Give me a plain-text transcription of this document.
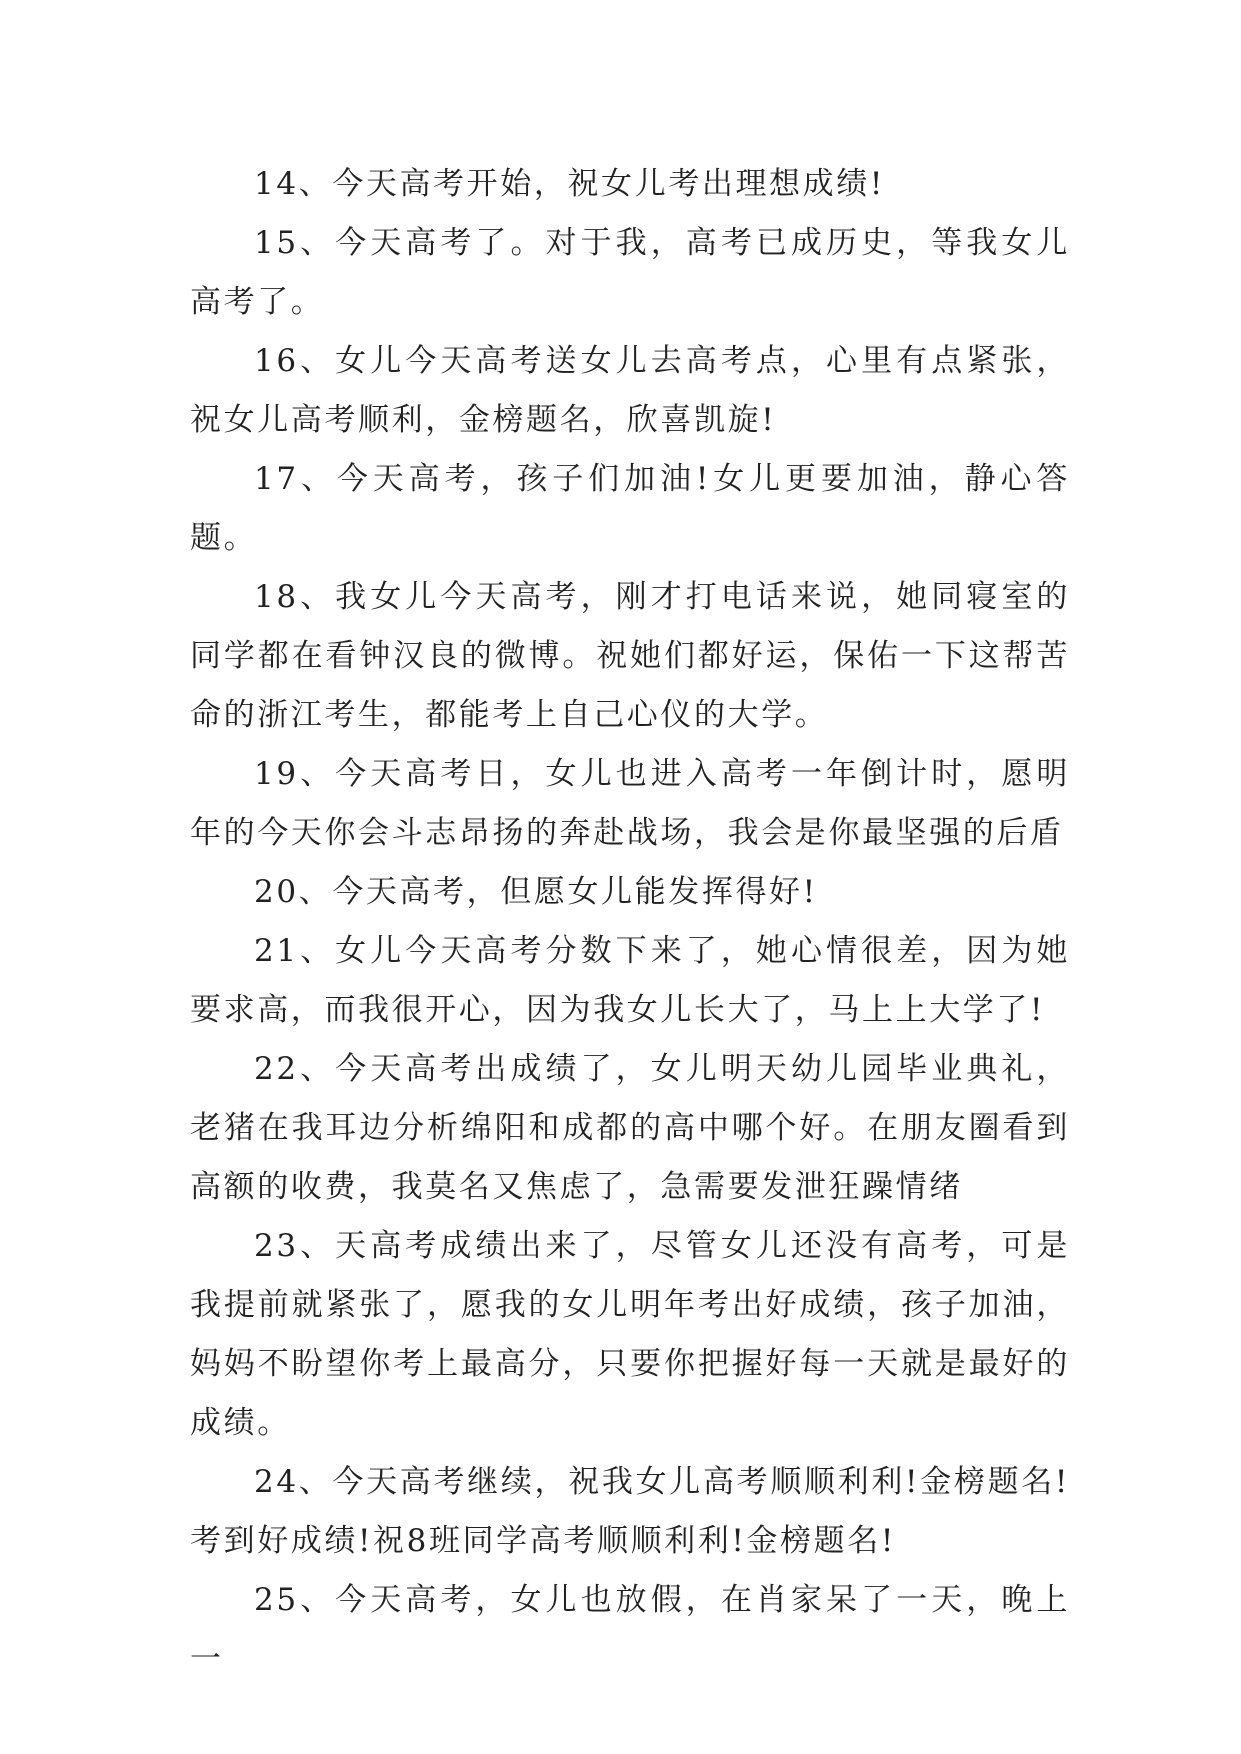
14、今天高考开始，祝女儿考出理想成绩!

15、今天高考了。对于我，高考已成历史，等我女儿高考了。

16、女儿今天高考送女儿去高考点，心里有点紧张，祝女儿高考顺利，金榜题名，欣喜凯旋!

17、今天高考，孩子们加油!女儿更要加油，静心答题。

18、我女儿今天高考，刚才打电话来说，她同寝室的同学都在看钟汉良的微博。祝她们都好运，保佑一下这帮苦命的浙江考生，都能考上自己心仪的大学。

19、今天高考日，女儿也进入高考一年倒计时，愿明年的今天你会斗志昂扬的奔赴战场，我会是你最坚强的后盾

20、今天高考，但愿女儿能发挥得好!

21、女儿今天高考分数下来了，她心情很差，因为她要求高，而我很开心，因为我女儿长大了，马上上大学了!

22、今天高考出成绩了，女儿明天幼儿园毕业典礼，老猪在我耳边分析绵阳和成都的高中哪个好。在朋友圈看到高额的收费，我莫名又焦虑了，急需要发泄狂躁情绪

23、天高考成绩出来了，尽管女儿还没有高考，可是我提前就紧张了，愿我的女儿明年考出好成绩，孩子加油，妈妈不盼望你考上最高分，只要你把握好每一天就是最好的成绩。

24、今天高考继续，祝我女儿高考顺顺利利!金榜题名!考到好成绩!祝8班同学高考顺顺利利!金榜题名!

25、今天高考，女儿也放假，在肖家呆了一天，晚上一
